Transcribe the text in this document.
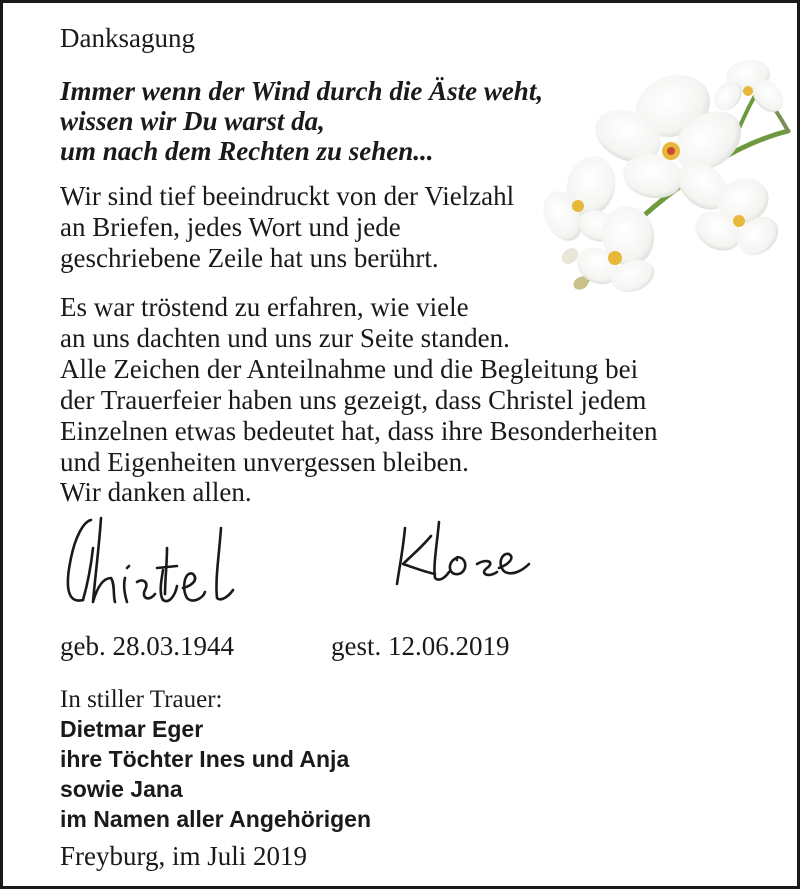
Danksagung
Immer wenn der Wind durch die Äste weht,
wissen wir Du warst da,
um nach dem Rechten zu sehen...
Wir sind tief beeindruckt von der Vielzahl
an Briefen, jedes Wort und jede
geschriebene Zeile hat uns berührt.
Es war tröstend zu erfahren, wie viele
an uns dachten und uns zur Seite standen.
Alle Zeichen der Anteilnahme und die Begleitung bei
der Trauerfeier haben uns gezeigt, dass Christel jedem
Einzelnen etwas bedeutet hat, dass ihre Besonderheiten
und Eigenheiten unvergessen bleiben.
Wir danken allen.
geb. 28.03.1944	gest. 12.06.2019
In stiller Trauer:
Dietmar Eger
ihre Töchter Ines und Anja
sowie Jana
im Namen aller Angehörigen
Freyburg, im Juli 2019
